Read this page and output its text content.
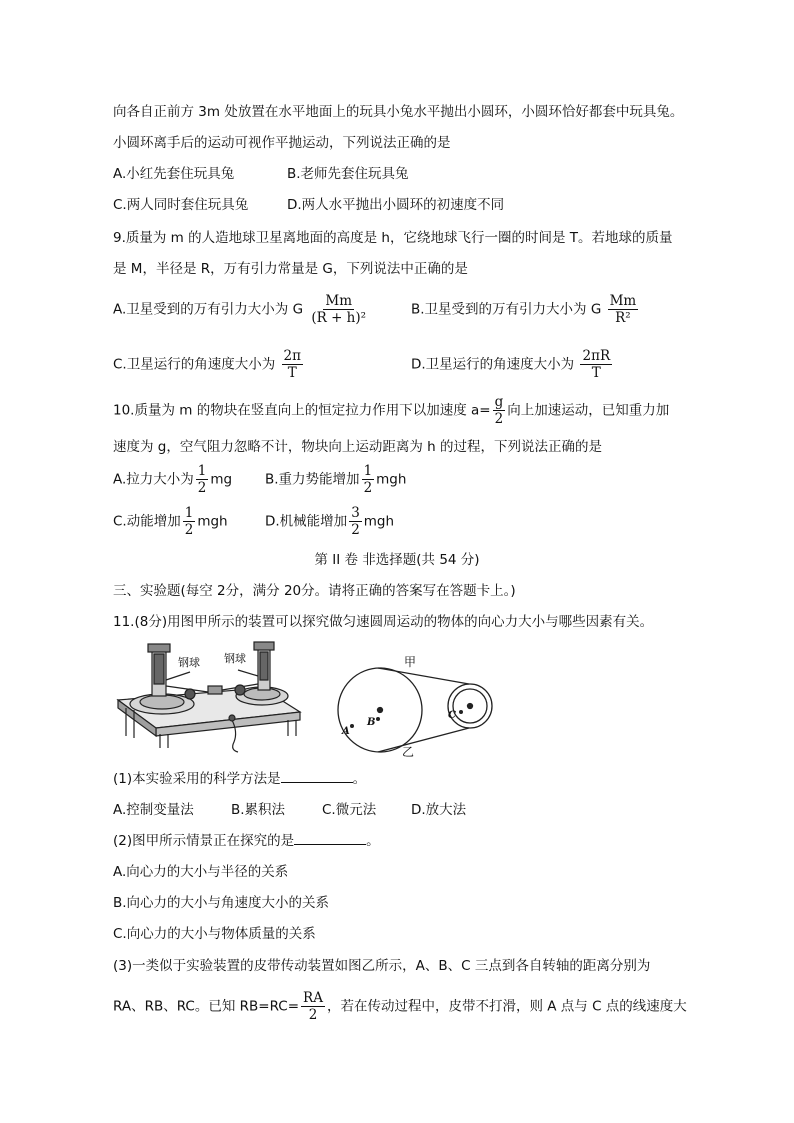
向各自正前方 3m 处放置在水平地面上的玩具小兔水平抛出小圆环，小圆环恰好都套中玩具兔。
小圆环离手后的运动可视作平抛运动，下列说法正确的是
A.小红先套住玩具兔	B.老师先套住玩具兔
C.两人同时套住玩具兔	D.两人水平抛出小圆环的初速度不同
9.质量为 m 的人造地球卫星离地面的高度是 h，它绕地球飞行一圈的时间是 T。若地球的质量
是 M，半径是 R，万有引力常量是 G，下列说法中正确的是
A.卫星受到的万有引力大小为 G $\frac{Mm}{\text{(R + h)²}}$	B.卫星受到的万有引力大小为 G $\frac{Mm}{\text{R²}}$
C.卫星运行的角速度大小为 $\frac{2\pi}{T}$	D.卫星运行的角速度大小为 $\frac{2\pi R}{T}$
10.质量为 m 的物块在竖直向上的恒定拉力作用下以加速度 $a= \frac{g}{2}$ 向上加速运动，已知重力加
速度为 g，空气阻力忽略不计，物块向上运动距离为 h 的过程，下列说法正确的是
A.拉力大小为 $\frac{1}{2}$ mg B.重力势能增加 $\frac{1}{2}$ mgh
C.动能增加 $\frac{1}{2}$ mgh	D.机械能增加 $\frac{3}{2}$ mgh
第 II 卷 非选择题(共 54 分)
三、实验题(每空 2分，满分 20分。请将正确的答案写在答题卡上。)
11.(8分)用图甲所示的装置可以探究做匀速圆周运动的物体的向心力大小与哪些因素有关。
钢球 钢球
A
B
C
甲
乙
(1)本实验采用的科学方法是	。
A.控制变量法	B.累积法	C.微元法	D.放大法
(2)图甲所示情景正在探究的是	。
A.向心力的大小与半径的关系
B.向心力的大小与角速度大小的关系
C.向心力的大小与物体质量的关系
(3)一类似于实验装置的皮带传动装置如图乙所示，A、B、C 三点到各自转轴的距离分别为
RA、RB、RC。已知 $RB=RC= \frac{RA}{2}$ ，若在传动过程中，皮带不打滑，则 A 点与 C 点的线速度大
